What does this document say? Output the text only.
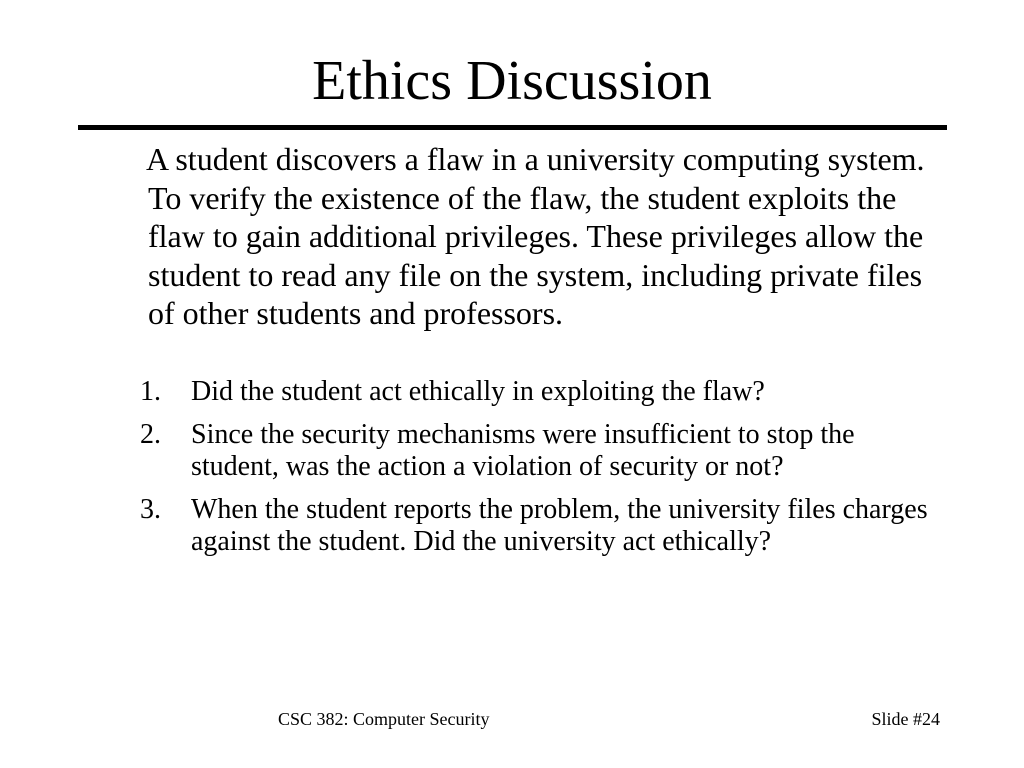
Ethics Discussion

A student discovers a flaw in a university computing system. To verify the existence of the flaw, the student exploits the flaw to gain additional privileges. These privileges allow the student to read any file on the system, including private files of other students and professors.

1. Did the student act ethically in exploiting the flaw?
2. Since the security mechanisms were insufficient to stop the student, was the action a violation of security or not?
3. When the student reports the problem, the university files charges against the student. Did the university act ethically?
CSC 382: Computer Security	Slide #24
